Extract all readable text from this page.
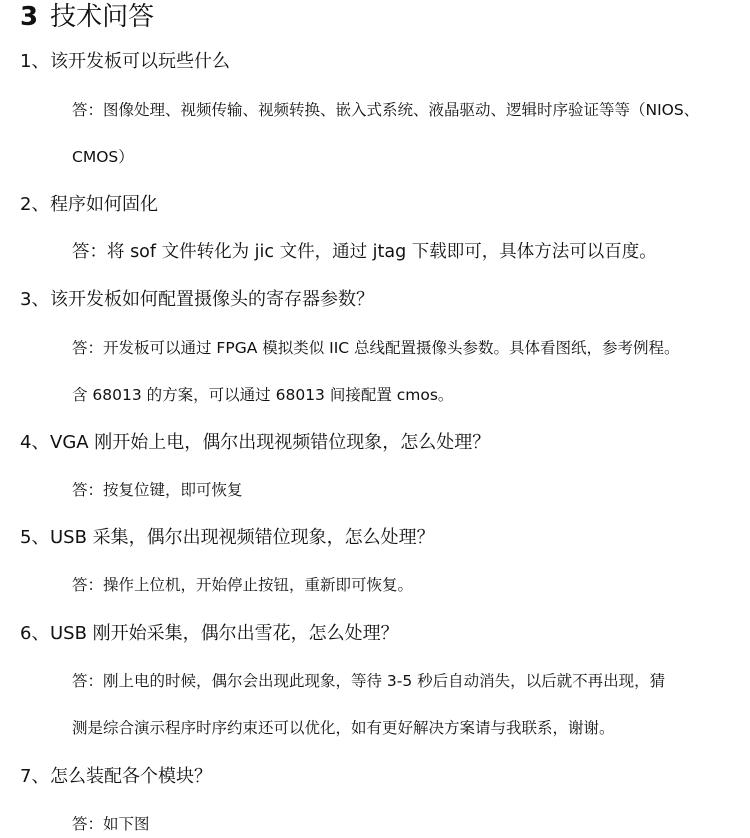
3 技术问答
1、该开发板可以玩些什么
答：图像处理、视频传输、视频转换、嵌入式系统、液晶驱动、逻辑时序验证等等（NIOS、
CMOS）
2、程序如何固化
答：将 sof 文件转化为 jic 文件，通过 jtag 下载即可，具体方法可以百度。
3、该开发板如何配置摄像头的寄存器参数？
答：开发板可以通过 FPGA 模拟类似 IIC 总线配置摄像头参数。具体看图纸，参考例程。
含 68013 的方案，可以通过 68013 间接配置 cmos。
4、VGA 刚开始上电，偶尔出现视频错位现象，怎么处理？
答：按复位键，即可恢复
5、USB 采集，偶尔出现视频错位现象，怎么处理？
答：操作上位机，开始停止按钮，重新即可恢复。
6、USB 刚开始采集，偶尔出雪花，怎么处理？
答：刚上电的时候，偶尔会出现此现象，等待 3-5 秒后自动消失，以后就不再出现，猜
测是综合演示程序时序约束还可以优化，如有更好解决方案请与我联系，谢谢。
7、怎么装配各个模块？
答：如下图
